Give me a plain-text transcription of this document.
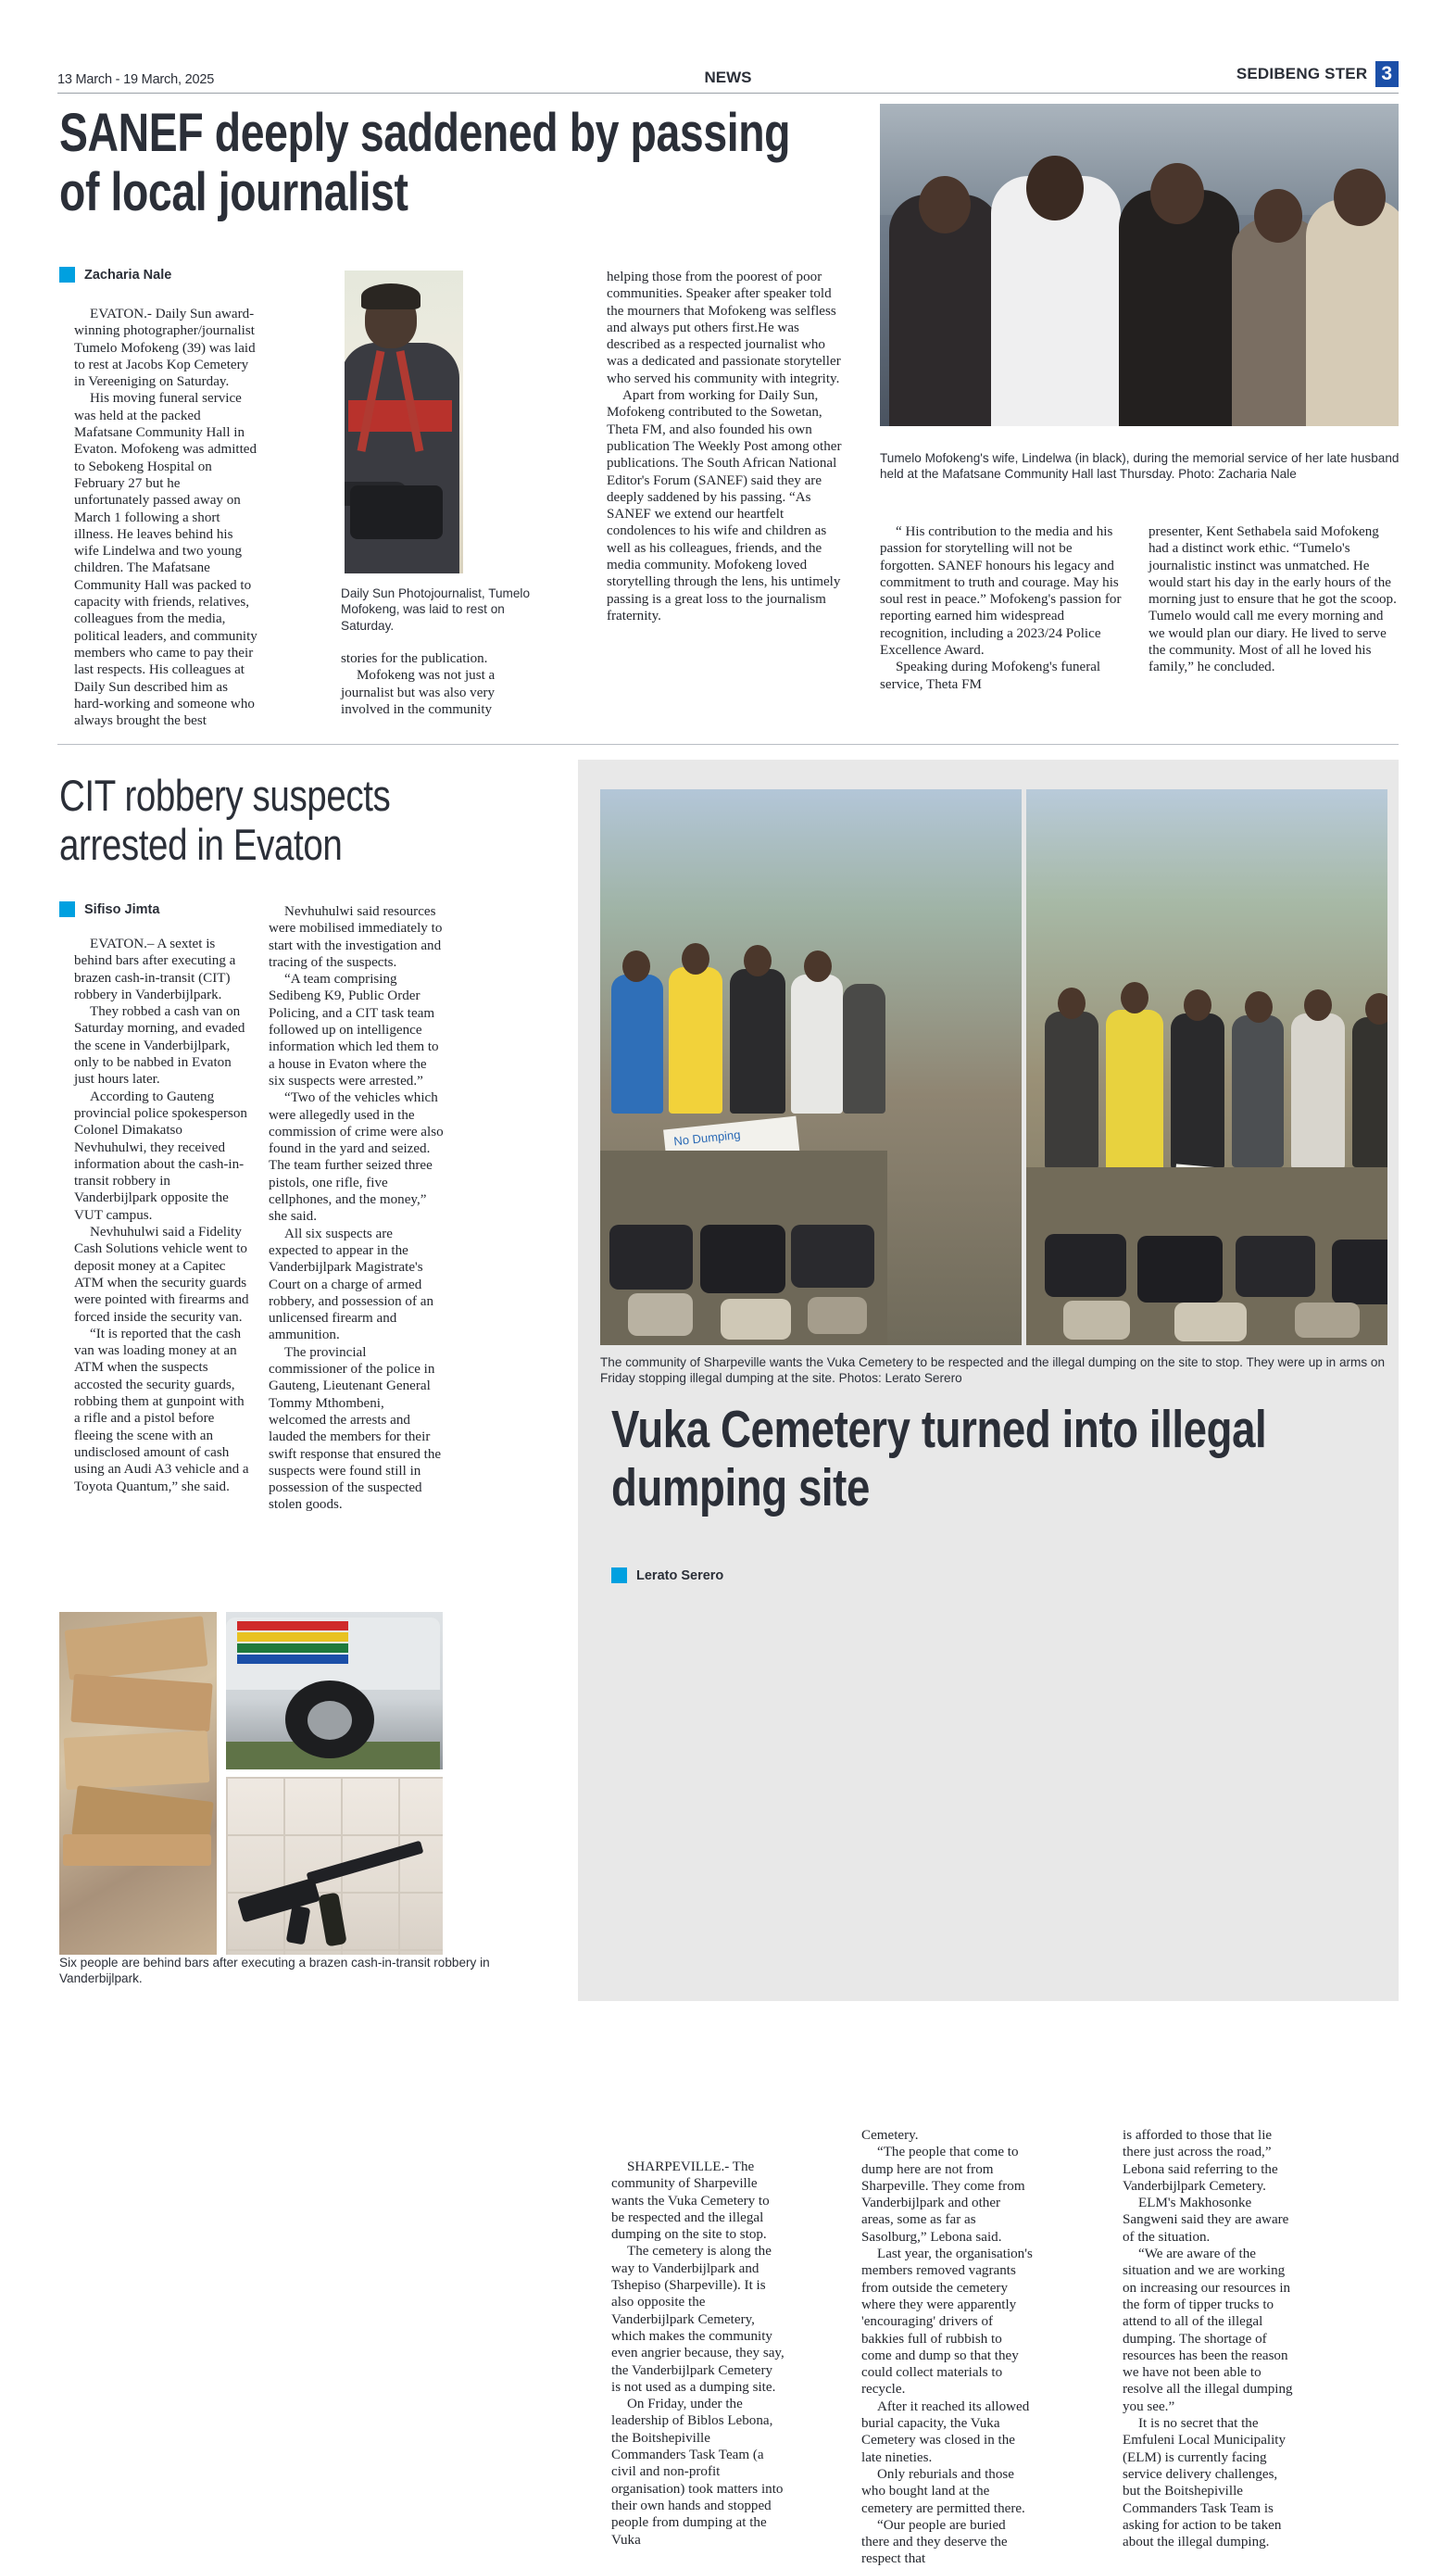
13 March - 19 March, 2025	NEWS	SEDIBENG STER 3
SANEF deeply saddened by passing of local journalist
Zacharia Nale

EVATON.- Daily Sun award-winning photographer/journalist Tumelo Mofokeng (39) was laid to rest at Jacobs Kop Cemetery in Vereeniging on Saturday.

His moving funeral service was held at the packed Mafatsane Community Hall in Evaton. Mofokeng was admitted to Sebokeng Hospital on February 27 but he unfortunately passed away on March 1 following a short illness. He leaves behind his wife Lindelwa and two young children. The Mafatsane Community Hall was packed to capacity with friends, relatives, colleagues from the media, political leaders, and community members who came to pay their last respects. His colleagues at Daily Sun described him as hard-working and someone who always brought the best

Daily Sun Photojournalist, Tumelo Mofokeng, was laid to rest on Saturday.

stories for the publication.

Mofokeng was not just a journalist but was also very involved in the community

helping those from the poorest of poor communities. Speaker after speaker told the mourners that Mofokeng was selfless and always put others first.He was described as a respected journalist who was a dedicated and passionate storyteller who served his community with integrity.

Apart from working for Daily Sun, Mofokeng contributed to the Sowetan, Theta FM, and also founded his own publication The Weekly Post among other publications. The South African National Editor's Forum (SANEF) said they are deeply saddened by his passing. “As SANEF we extend our heartfelt condolences to his wife and children as well as his colleagues, friends, and the media community. Mofokeng loved storytelling through the lens, his untimely passing is a great loss to the journalism fraternity.

Tumelo Mofokeng's wife, Lindelwa (in black), during the memorial service of her late husband held at the Mafatsane Community Hall last Thursday. Photo: Zacharia Nale

“ His contribution to the media and his passion for storytelling will not be forgotten. SANEF honours his legacy and commitment to truth and courage. May his soul rest in peace.” Mofokeng's passion for reporting earned him widespread recognition, including a 2023/24 Police Excellence Award.

Speaking during Mofokeng's funeral service, Theta FM

presenter, Kent Sethabela said Mofokeng had a distinct work ethic. “Tumelo's journalistic instinct was unmatched. He would start his day in the early hours of the morning just to ensure that he got the scoop. Tumelo would call me every morning and we would plan our diary. He lived to serve the community. Most of all he loved his family,” he concluded.

CIT robbery suspects arrested in Evaton
Sifiso Jimta

EVATON.– A sextet is behind bars after executing a brazen cash-in-transit (CIT) robbery in Vanderbijlpark.

They robbed a cash van on Saturday morning, and evaded the scene in Vanderbijlpark, only to be nabbed in Evaton just hours later.

According to Gauteng provincial police spokesperson Colonel Dimakatso Nevhuhulwi, they received information about the cash-in-transit robbery in Vanderbijlpark opposite the VUT campus.

Nevhuhulwi said a Fidelity Cash Solutions vehicle went to deposit money at a Capitec ATM when the security guards were pointed with firearms and forced inside the security van.

“It is reported that the cash van was loading money at an ATM when the suspects accosted the security guards, robbing them at gunpoint with a rifle and a pistol before fleeing the scene with an undisclosed amount of cash using an Audi A3 vehicle and a Toyota Quantum,” she said.

Nevhuhulwi said resources were mobilised immediately to start with the investigation and tracing of the suspects.

“A team comprising Sedibeng K9, Public Order Policing, and a CIT task team followed up on intelligence information which led them to a house in Evaton where the six suspects were arrested.”

“Two of the vehicles which were allegedly used in the commission of crime were also found in the yard and seized. The team further seized three pistols, one rifle, five cellphones, and the money,” she said.

All six suspects are expected to appear in the Vanderbijlpark Magistrate's Court on a charge of armed robbery, and possession of an unlicensed firearm and ammunition.

The provincial commissioner of the police in Gauteng, Lieutenant General Tommy Mthombeni, welcomed the arrests and lauded the members for their swift response that ensured the suspects were found still in possession of the suspected stolen goods.

Six people are behind bars after executing a brazen cash-in-transit robbery in Vanderbijlpark.
No Dumping
The community of Sharpeville wants the Vuka Cemetery to be respected and the illegal dumping on the site to stop. They were up in arms on Friday stopping illegal dumping at the site. Photos: Lerato Serero
Vuka Cemetery turned into illegal dumping site
Lerato Serero

SHARPEVILLE.- The community of Sharpeville wants the Vuka Cemetery to be respected and the illegal dumping on the site to stop.

The cemetery is along the way to Vanderbijlpark and Tshepiso (Sharpeville). It is also opposite the Vanderbijlpark Cemetery, which makes the community even angrier because, they say, the Vanderbijlpark Cemetery is not used as a dumping site.

On Friday, under the leadership of Biblos Lebona, the Boitshepiville Commanders Task Team (a civil and non-profit organisation) took matters into their own hands and stopped people from dumping at the Vuka

Cemetery.

“The people that come to dump here are not from Sharpeville. They come from Vanderbijlpark and other areas, some as far as Sasolburg,” Lebona said.

Last year, the organisation's members removed vagrants from outside the cemetery where they were apparently 'encouraging' drivers of bakkies full of rubbish to come and dump so that they could collect materials to recycle.

After it reached its allowed burial capacity, the Vuka Cemetery was closed in the late nineties.

Only reburials and those who bought land at the cemetery are permitted there.

“Our people are buried there and they deserve the respect that

is afforded to those that lie there just across the road,” Lebona said referring to the Vanderbijlpark Cemetery.

ELM's Makhosonke Sangweni said they are aware of the situation.

“We are aware of the situation and we are working on increasing our resources in the form of tipper trucks to attend to all of the illegal dumping. The shortage of resources has been the reason we have not been able to resolve all the illegal dumping you see.”

It is no secret that the Emfuleni Local Municipality (ELM) is currently facing service delivery challenges, but the Boitshepiville Commanders Task Team is asking for action to be taken about the illegal dumping.
